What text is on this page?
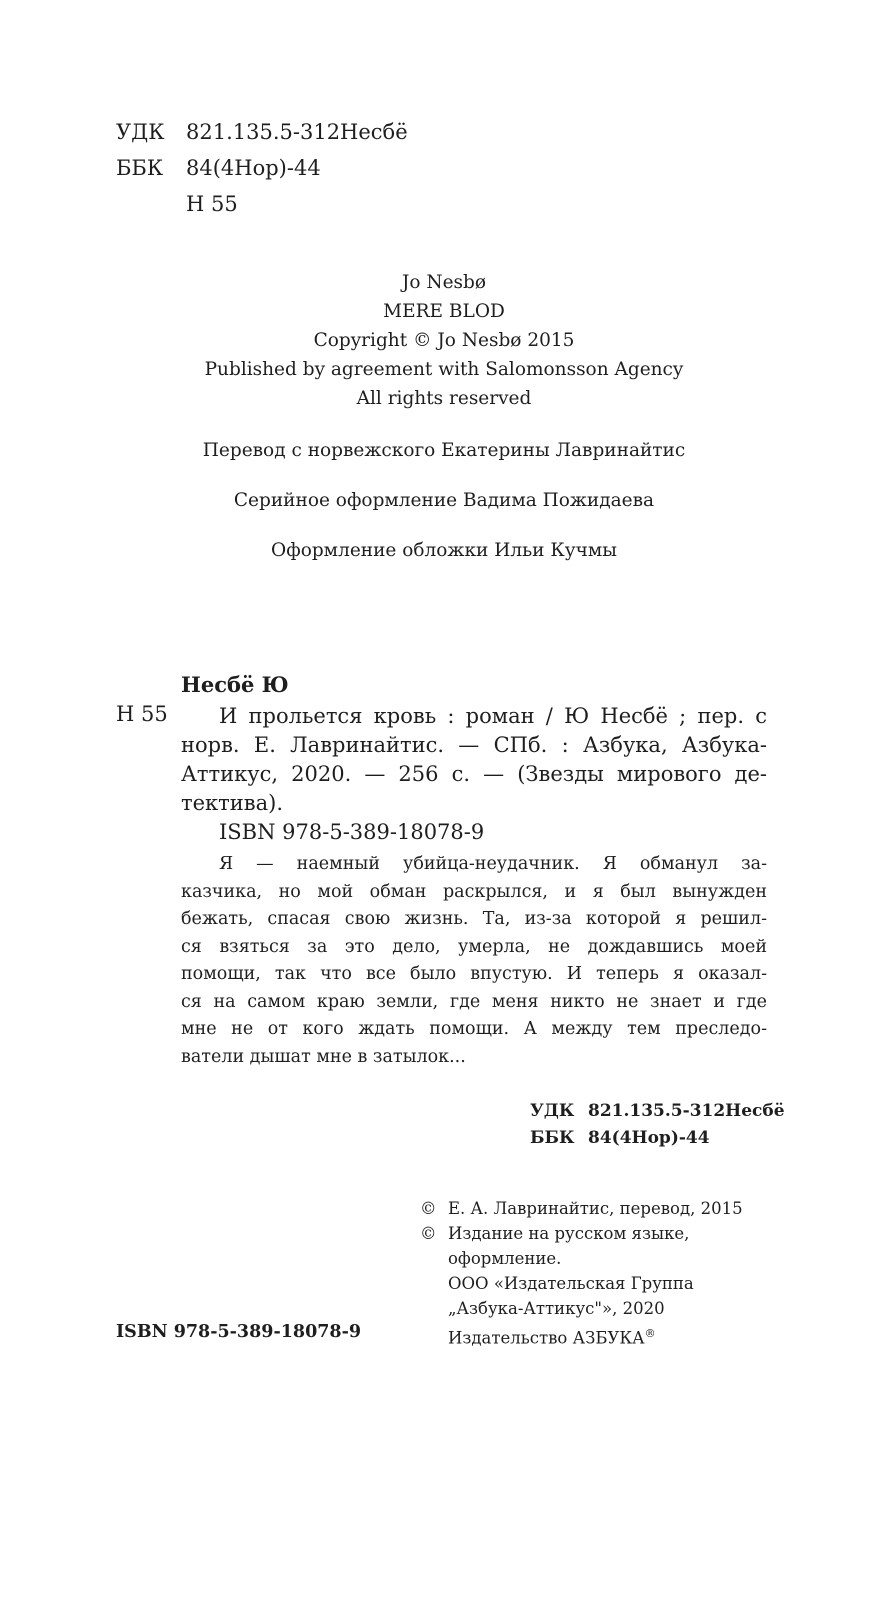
УДК 821.135.5-312Несбё
ББК 84(4Нор)-44
Н 55
Jo Nesbø
MERE BLOD
Copyright © Jo Nesbø 2015
Published by agreement with Salomonsson Agency
All rights reserved
Перевод с норвежского Екатерины Лавринайтис
Серийное оформление Вадима Пожидаева
Оформление обложки Ильи Кучмы
Несбё Ю
Н 55 И прольется кровь : роман / Ю Несбё ; пер. с
норв. Е. Лавринайтис. — СПб. : Азбука, Азбука-
Аттикус, 2020. — 256 с. — (Звезды мирового де-
тектива).
ISBN 978-5-389-18078-9
Я — наемный убийца-неудачник. Я обманул за-
казчика, но мой обман раскрылся, и я был вынужден
бежать, спасая свою жизнь. Та, из-за которой я решил-
ся взяться за это дело, умерла, не дождавшись моей
помощи, так что все было впустую. И теперь я оказал-
ся на самом краю земли, где меня никто не знает и где
мне не от кого ждать помощи. А между тем преследо-
ватели дышат мне в затылок...
УДК 821.135.5-312Несбё
ББК 84(4Нор)-44
© Е. А. Лавринайтис, перевод, 2015
© Издание на русском языке,
оформление.
ООО «Издательская Группа
„Азбука-Аттикус"», 2020
Издательство АЗБУКА®
ISBN 978-5-389-18078-9
